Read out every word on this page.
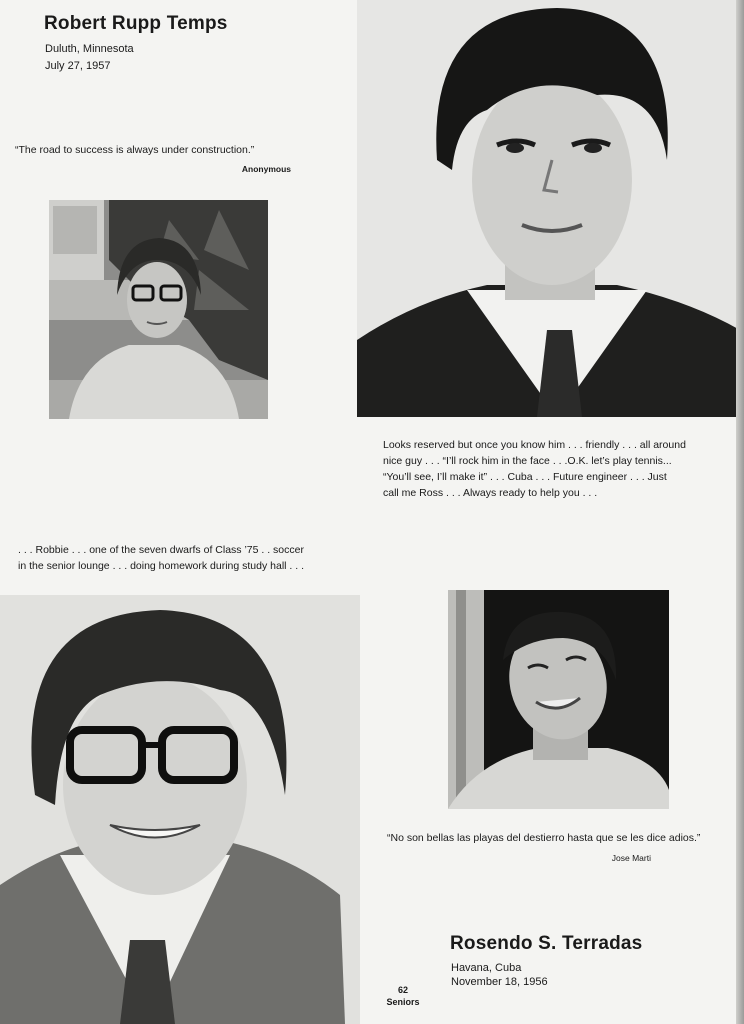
Robert Rupp Temps
Duluth, Minnesota
July 27, 1957
“The road to success is always under construction.”
Anonymous
Looks reserved but once you know him . . . friendly . . . all around
nice guy . . . “I’ll rock him in the face . . .O.K. let’s play tennis...
“You’ll see, I’ll make it” . . . Cuba . . . Future engineer . . . Just
call me Ross . . . Always ready to help you . . .
. . . Robbie . . . one of the seven dwarfs of Class ’75 . . soccer
in the senior lounge . . . doing homework during study hall . . .
“No son bellas las playas del destierro hasta que se les dice adios.”
Jose Marti
Rosendo S. Terradas
Havana, Cuba
November 18, 1956
62
Seniors
